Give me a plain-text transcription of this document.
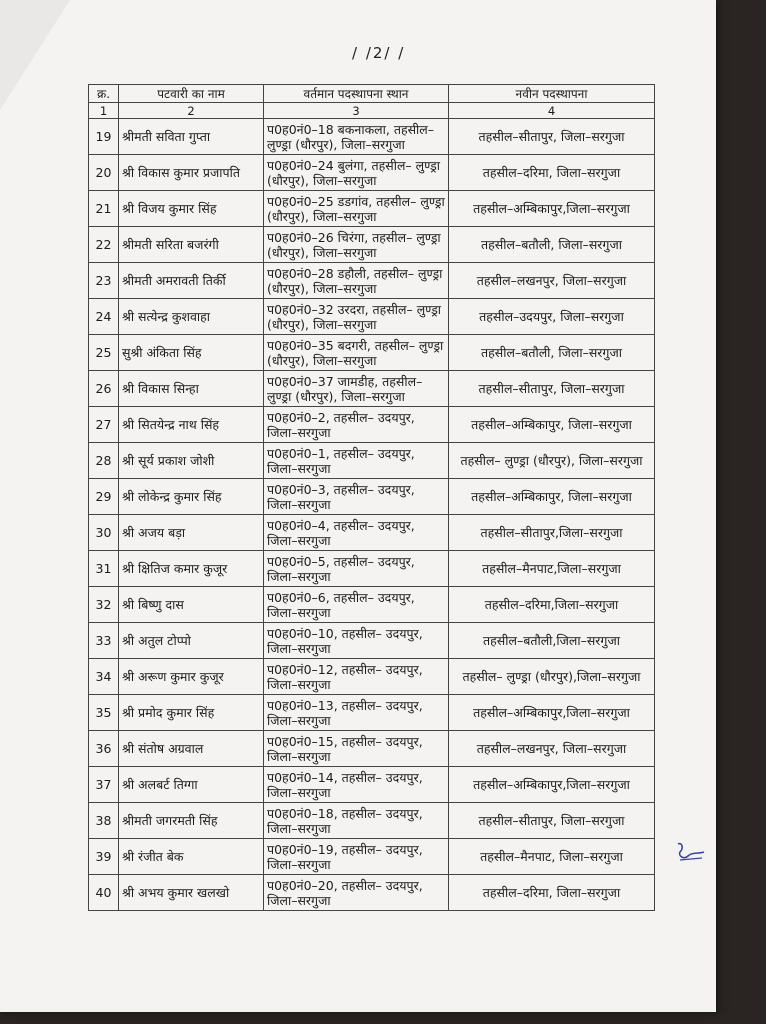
/ /2/ /
क्र.	पटवारी का नाम	वर्तमान पदस्थापना स्थान	नवीन पदस्थापना
1	2	3	4
19	श्रीमती सविता गुप्ता	प0ह0नं0–18 बकनाकला, तहसील– लुण्ड्रा (धौरपुर), जिला–सरगुजा	तहसील–सीतापुर, जिला–सरगुजा
20	श्री विकास कुमार प्रजापति	प0ह0नं0–24 बुलंगा, तहसील– लुण्ड्रा (धौरपुर), जिला–सरगुजा	तहसील–दरिमा, जिला–सरगुजा
21	श्री विजय कुमार सिंह	प0ह0नं0–25 डडगांव, तहसील– लुण्ड्रा (धौरपुर), जिला–सरगुजा	तहसील–अम्बिकापुर,जिला–सरगुजा
22	श्रीमती सरिता बजरंगी	प0ह0नं0–26 चिरंगा, तहसील– लुण्ड्रा (धौरपुर), जिला–सरगुजा	तहसील–बतौली, जिला–सरगुजा
23	श्रीमती अमरावती तिर्की	प0ह0नं0–28 डहौली, तहसील– लुण्ड्रा (धौरपुर), जिला–सरगुजा	तहसील–लखनपुर, जिला–सरगुजा
24	श्री सत्येन्द्र कुशवाहा	प0ह0नं0–32 उरदरा, तहसील– लुण्ड्रा (धौरपुर), जिला–सरगुजा	तहसील–उदयपुर, जिला–सरगुजा
25	सुश्री अंकिता सिंह	प0ह0नं0–35 बदगरी, तहसील– लुण्ड्रा (धौरपुर), जिला–सरगुजा	तहसील–बतौली, जिला–सरगुजा
26	श्री विकास सिन्हा	प0ह0नं0–37 जामडीह, तहसील– लुण्ड्रा (धौरपुर), जिला–सरगुजा	तहसील–सीतापुर, जिला–सरगुजा
27	श्री सितयेन्द्र नाथ सिंह	प0ह0नं0–2, तहसील– उदयपुर, जिला–सरगुजा	तहसील–अम्बिकापुर, जिला–सरगुजा
28	श्री सूर्य प्रकाश जोशी	प0ह0नं0–1, तहसील– उदयपुर, जिला–सरगुजा	तहसील– लुण्ड्रा (धौरपुर), जिला–सरगुजा
29	श्री लोकेन्द्र कुमार सिंह	प0ह0नं0–3, तहसील– उदयपुर, जिला–सरगुजा	तहसील–अम्बिकापुर, जिला–सरगुजा
30	श्री अजय बड़ा	प0ह0नं0–4, तहसील– उदयपुर, जिला–सरगुजा	तहसील–सीतापुर,जिला–सरगुजा
31	श्री क्षितिज कमार कुजूर	प0ह0नं0–5, तहसील– उदयपुर, जिला–सरगुजा	तहसील–मैनपाट,जिला–सरगुजा
32	श्री बिष्णु दास	प0ह0नं0–6, तहसील– उदयपुर, जिला–सरगुजा	तहसील–दरिमा,जिला–सरगुजा
33	श्री अतुल टोप्पो	प0ह0नं0–10, तहसील– उदयपुर, जिला–सरगुजा	तहसील–बतौली,जिला–सरगुजा
34	श्री अरूण कुमार कुजूर	प0ह0नं0–12, तहसील– उदयपुर, जिला–सरगुजा	तहसील– लुण्ड्रा (धौरपुर),जिला–सरगुजा
35	श्री प्रमोद कुमार सिंह	प0ह0नं0–13, तहसील– उदयपुर, जिला–सरगुजा	तहसील–अम्बिकापुर,जिला–सरगुजा
36	श्री संतोष अग्रवाल	प0ह0नं0–15, तहसील– उदयपुर, जिला–सरगुजा	तहसील–लखनपुर, जिला–सरगुजा
37	श्री अलबर्ट तिग्गा	प0ह0नं0–14, तहसील– उदयपुर, जिला–सरगुजा	तहसील–अम्बिकापुर,जिला–सरगुजा
38	श्रीमती जगरमती सिंह	प0ह0नं0–18, तहसील– उदयपुर, जिला–सरगुजा	तहसील–सीतापुर, जिला–सरगुजा
39	श्री रंजीत बेक	प0ह0नं0–19, तहसील– उदयपुर, जिला–सरगुजा	तहसील–मैनपाट, जिला–सरगुजा
40	श्री अभय कुमार खलखो	प0ह0नं0–20, तहसील– उदयपुर, जिला–सरगुजा	तहसील–दरिमा, जिला–सरगुजा
